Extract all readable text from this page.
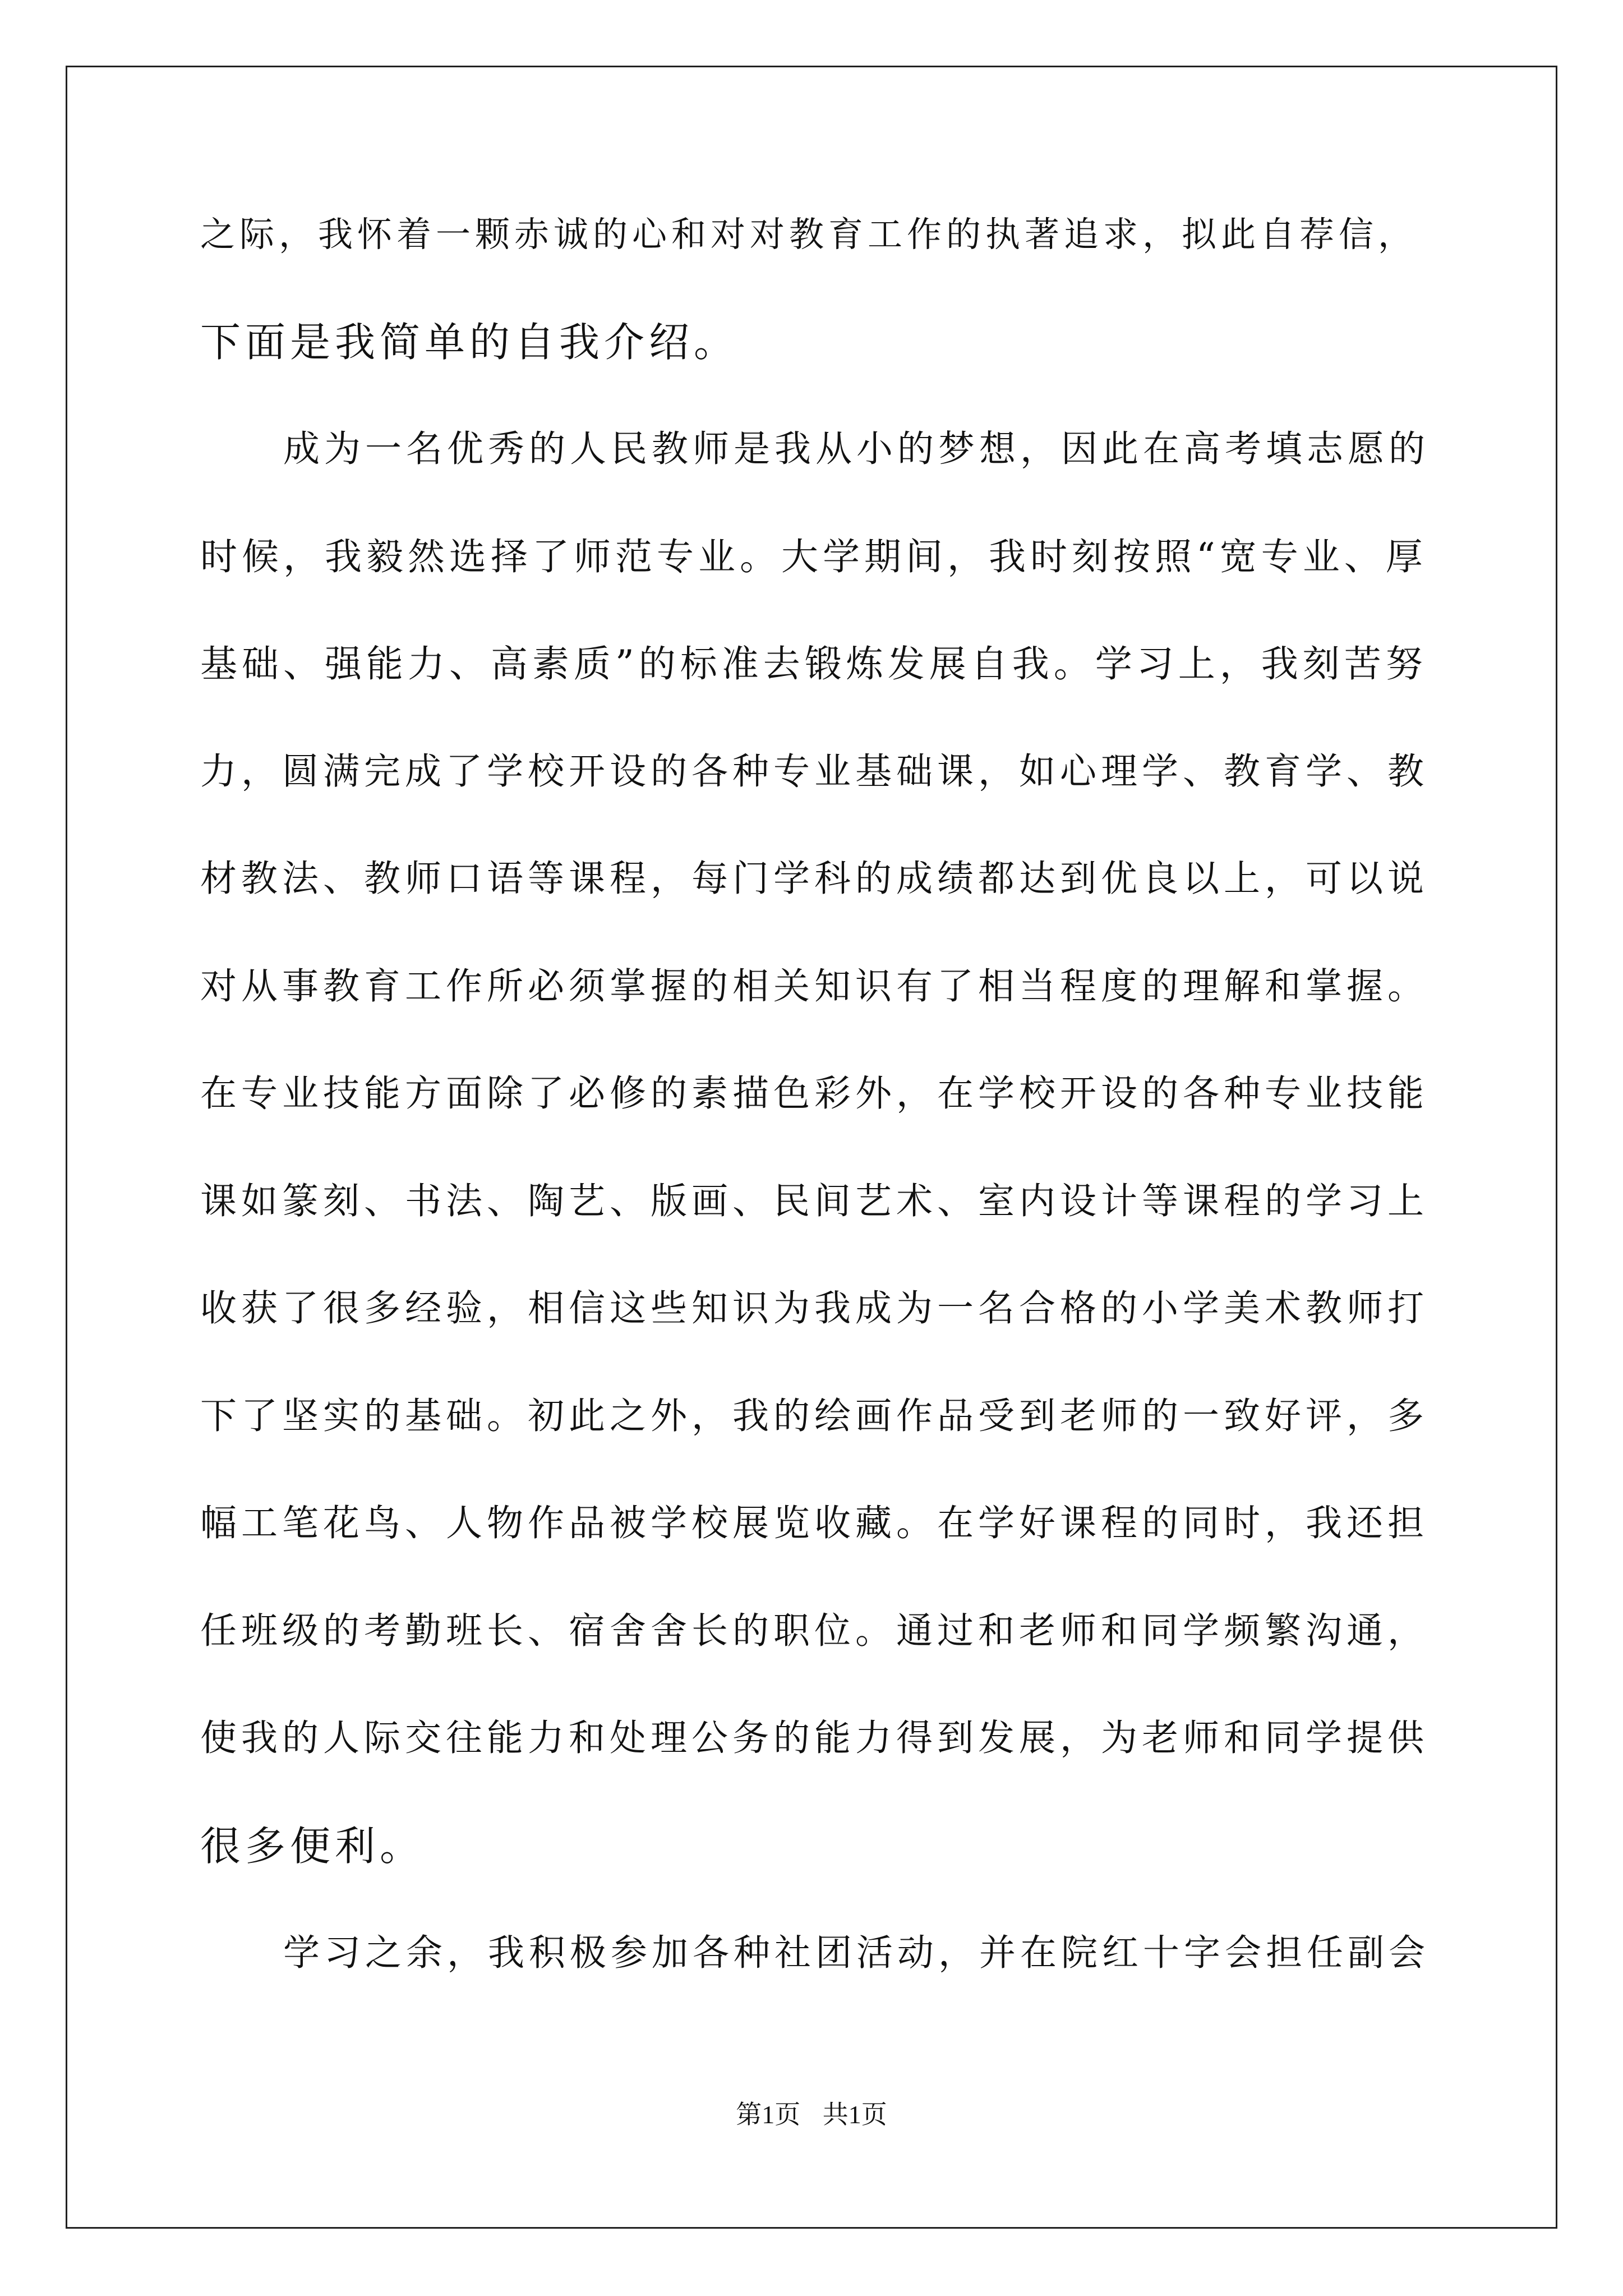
之际，我怀着一颗赤诚的心和对对教育工作的执著追求，拟此自荐信，
下面是我简单的自我介绍。
成为一名优秀的人民教师是我从小的梦想，因此在高考填志愿的
时候，我毅然选择了师范专业。大学期间，我时刻按照“宽专业、厚
基础、强能力、高素质”的标准去锻炼发展自我。学习上，我刻苦努
力，圆满完成了学校开设的各种专业基础课，如心理学、教育学、教
材教法、教师口语等课程，每门学科的成绩都达到优良以上，可以说
对从事教育工作所必须掌握的相关知识有了相当程度的理解和掌握。
在专业技能方面除了必修的素描色彩外，在学校开设的各种专业技能
课如篆刻、书法、陶艺、版画、民间艺术、室内设计等课程的学习上
收获了很多经验，相信这些知识为我成为一名合格的小学美术教师打
下了坚实的基础。初此之外，我的绘画作品受到老师的一致好评，多
幅工笔花鸟、人物作品被学校展览收藏。在学好课程的同时，我还担
任班级的考勤班长、宿舍舍长的职位。通过和老师和同学频繁沟通，
使我的人际交往能力和处理公务的能力得到发展，为老师和同学提供
很多便利。
学习之余，我积极参加各种社团活动，并在院红十字会担任副会
第1页 共1页
